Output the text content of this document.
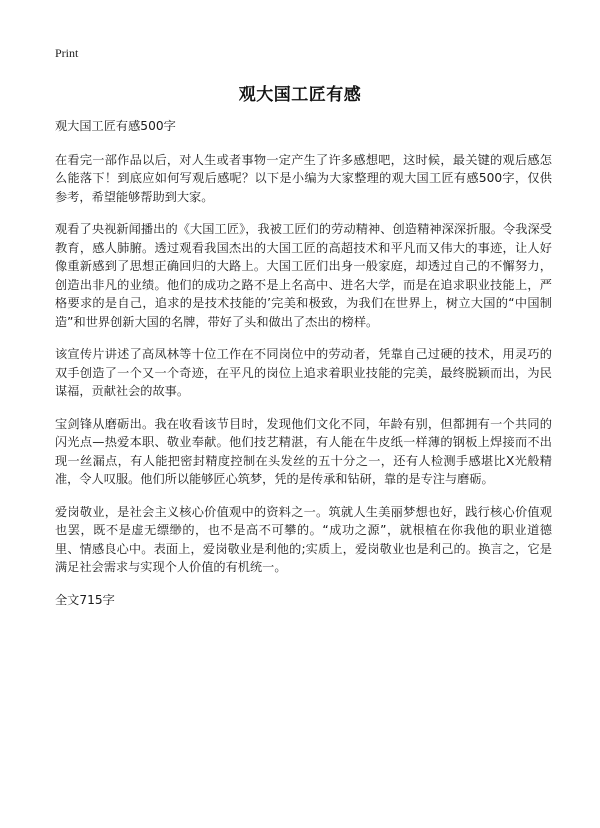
Print
观大国工匠有感
观大国工匠有感500字

在看完一部作品以后，对人生或者事物一定产生了许多感想吧，这时候，最关键的观后感怎么能落下！到底应如何写观后感呢？以下是小编为大家整理的观大国工匠有感500字，仅供参考，希望能够帮助到大家。

观看了央视新闻播出的《大国工匠》，我被工匠们的劳动精神、创造精神深深折服。令我深受教育，感人肺腑。透过观看我国杰出的大国工匠的高超技术和平凡而又伟大的事迹，让人好像重新感到了思想正确回归的大路上。大国工匠们出身一般家庭，却透过自己的不懈努力，创造出非凡的业绩。他们的成功之路不是上名高中、进名大学，而是在追求职业技能上，严格要求的是自己，追求的是技术技能的’完美和极致，为我们在世界上，树立大国的“中国制造”和世界创新大国的名牌，带好了头和做出了杰出的榜样。

该宣传片讲述了高凤林等十位工作在不同岗位中的劳动者，凭靠自己过硬的技术，用灵巧的双手创造了一个又一个奇迹，在平凡的岗位上追求着职业技能的完美，最终脱颖而出，为民谋福，贡献社会的故事。

宝剑锋从磨砺出。我在收看该节目时，发现他们文化不同，年龄有别，但都拥有一个共同的闪光点—热爱本职、敬业奉献。他们技艺精湛，有人能在牛皮纸一样薄的钢板上焊接而不出现一丝漏点，有人能把密封精度控制在头发丝的五十分之一，还有人检测手感堪比X光般精准，令人叹服。他们所以能够匠心筑梦，凭的是传承和钻研，靠的是专注与磨砺。

爱岗敬业，是社会主义核心价值观中的资料之一。筑就人生美丽梦想也好，践行核心价值观也罢，既不是虚无缥缈的，也不是高不可攀的。“成功之源”，就根植在你我他的职业道德里、情感良心中。表面上，爱岗敬业是利他的;实质上，爱岗敬业也是利己的。换言之，它是满足社会需求与实现个人价值的有机统一。

全文715字
